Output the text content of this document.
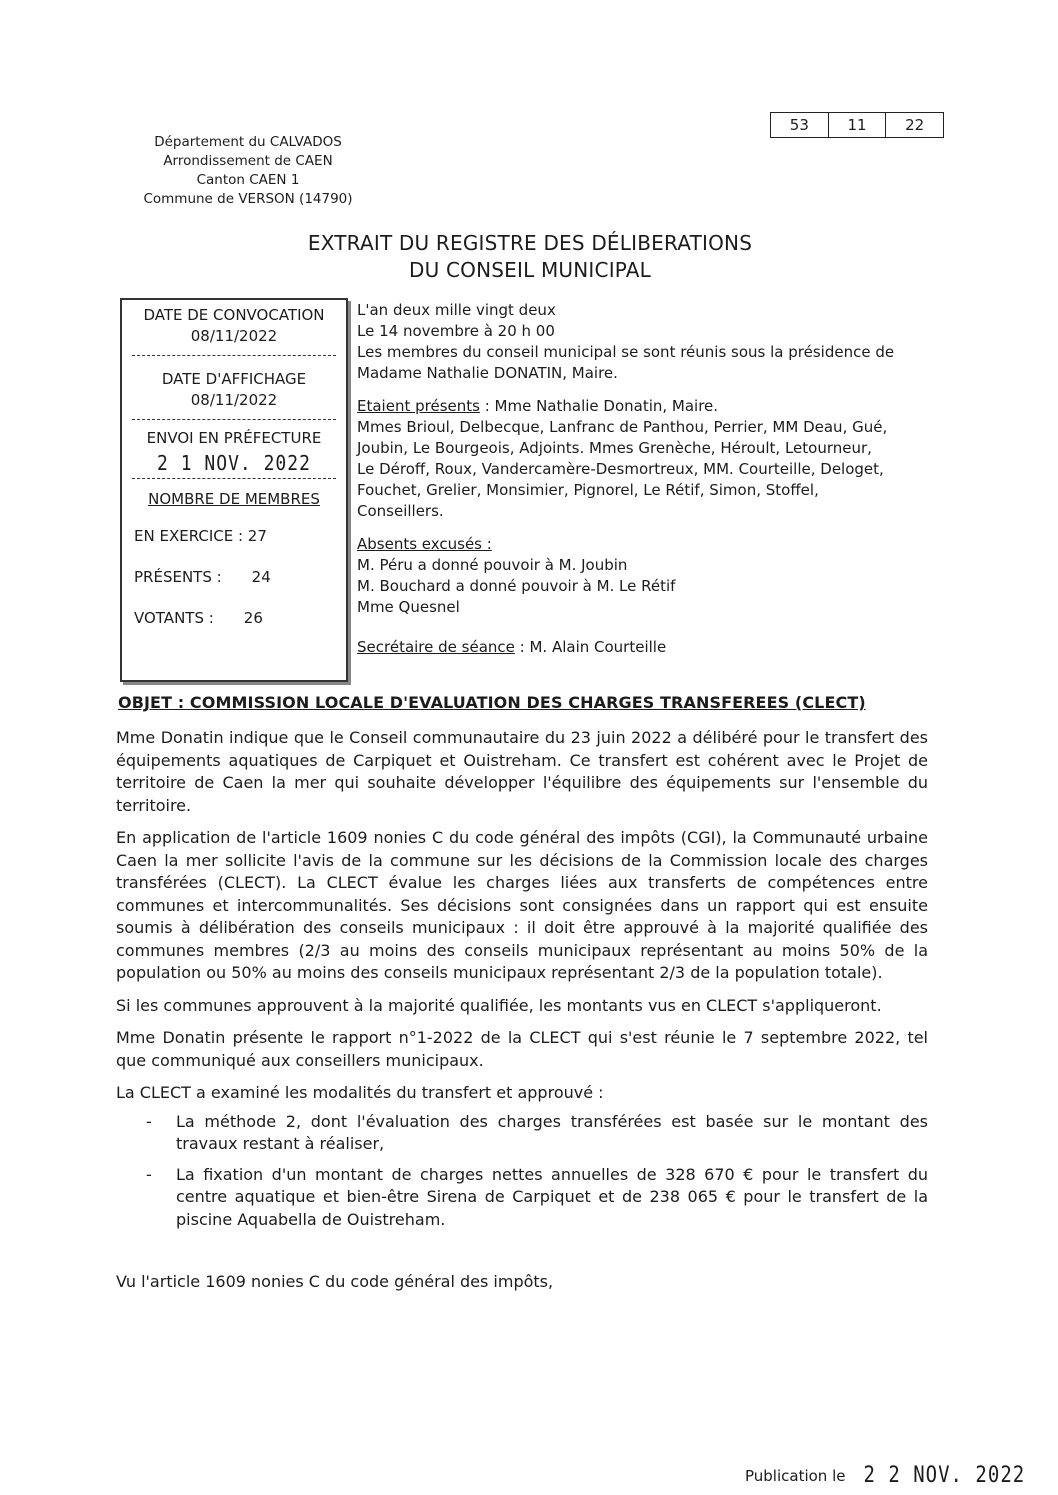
53	11	22
Département du CALVADOS
Arrondissement de CAEN
Canton CAEN 1
Commune de VERSON (14790)
EXTRAIT DU REGISTRE DES DÉLIBERATIONS
DU CONSEIL MUNICIPAL
DATE DE CONVOCATION
08/11/2022
DATE D'AFFICHAGE
08/11/2022
ENVOI EN PRÉFECTURE
2 1 NOV. 2022
NOMBRE DE MEMBRES
EN EXERCICE : 27
PRÉSENTS : 24
VOTANTS : 26
L'an deux mille vingt deux
Le 14 novembre à 20 h 00
Les membres du conseil municipal se sont réunis sous la présidence de
Madame Nathalie DONATIN, Maire.
Etaient présents : Mme Nathalie Donatin, Maire.
Mmes Brioul, Delbecque, Lanfranc de Panthou, Perrier, MM Deau, Gué,
Joubin, Le Bourgeois, Adjoints. Mmes Grenèche, Héroult, Letourneur,
Le Déroff, Roux, Vandercamère-Desmortreux, MM. Courteille, Deloget,
Fouchet, Grelier, Monsimier, Pignorel, Le Rétif, Simon, Stoffel,
Conseillers.
Absents excusés :
M. Péru a donné pouvoir à M. Joubin
M. Bouchard a donné pouvoir à M. Le Rétif
Mme Quesnel
Secrétaire de séance : M. Alain Courteille
OBJET : COMMISSION LOCALE D'EVALUATION DES CHARGES TRANSFEREES (CLECT)

Mme Donatin indique que le Conseil communautaire du 23 juin 2022 a délibéré pour le transfert des équipements aquatiques de Carpiquet et Ouistreham. Ce transfert est cohérent avec le Projet de territoire de Caen la mer qui souhaite développer l'équilibre des équipements sur l'ensemble du territoire.

En application de l'article 1609 nonies C du code général des impôts (CGI), la Communauté urbaine Caen la mer sollicite l'avis de la commune sur les décisions de la Commission locale des charges transférées (CLECT). La CLECT évalue les charges liées aux transferts de compétences entre communes et intercommunalités. Ses décisions sont consignées dans un rapport qui est ensuite soumis à délibération des conseils municipaux : il doit être approuvé à la majorité qualifiée des communes membres (2/3 au moins des conseils municipaux représentant au moins 50% de la population ou 50% au moins des conseils municipaux représentant 2/3 de la population totale).

Si les communes approuvent à la majorité qualifiée, les montants vus en CLECT s'appliqueront.

Mme Donatin présente le rapport n°1-2022 de la CLECT qui s'est réunie le 7 septembre 2022, tel que communiqué aux conseillers municipaux.

La CLECT a examiné les modalités du transfert et approuvé :

- La méthode 2, dont l'évaluation des charges transférées est basée sur le montant des travaux restant à réaliser,
- La fixation d'un montant de charges nettes annuelles de 328 670 € pour le transfert du centre aquatique et bien-être Sirena de Carpiquet et de 238 065 € pour le transfert de la piscine Aquabella de Ouistreham.

Vu l'article 1609 nonies C du code général des impôts,

Publication le 2 2 NOV. 2022
